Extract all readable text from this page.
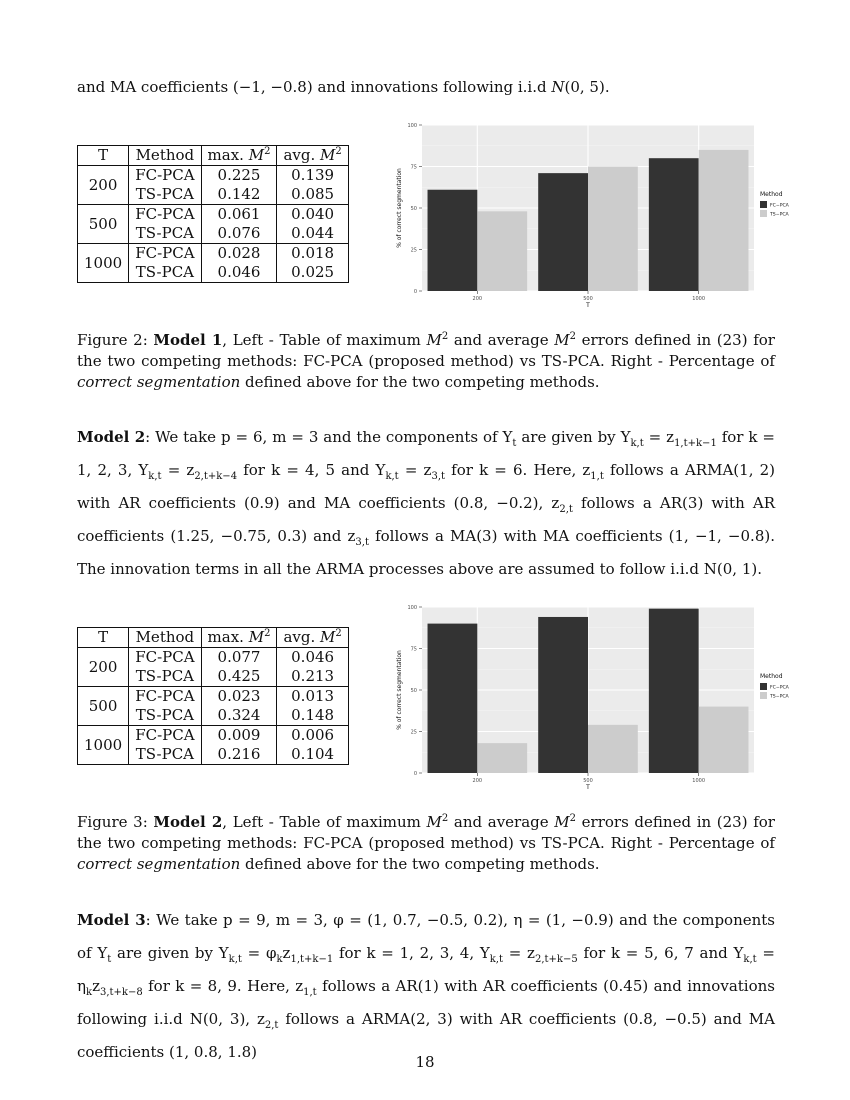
and MA coefficients (−1, −0.8) and innovations following i.i.d N(0, 5).

T	Method	max. $M^2$	avg. $M^2$
200	FC-PCA	0.225	0.139
	TS-PCA	0.142	0.085
500	FC-PCA	0.061	0.040
	TS-PCA	0.076	0.044
1000	FC-PCA	0.028	0.018
	TS-PCA	0.046	0.025
0
25
50
75
100
200	500	1000
T
% of correct segmentation	Method
FC−PCA
TS−PCA

Figure 2: Model 1, Left - Table of maximum $M^2$ and average $M^2$ errors defined in (23) for the two competing methods: FC-PCA (proposed method) vs TS-PCA. Right - Percentage of correct segmentation defined above for the two competing methods.

Model 2: We take p = 6, m = 3 and the components of $Y_t$ are given by $Y_{k,t} = z_{1,t+k-1}$ for k = 1, 2, 3, $Y_{k,t} = z_{2,t+k-4}$ for k = 4, 5 and $Y_{k,t} = z_{3,t}$ for k = 6. Here, $z_{1,t}$ follows a ARMA(1, 2) with AR coefficients (0.9) and MA coefficients (0.8, −0.2), $z_{2,t}$ follows a AR(3) with AR coefficients (1.25, −0.75, 0.3) and $z_{3,t}$ follows a MA(3) with MA coefficients (1, −1, −0.8). The innovation terms in all the ARMA processes above are assumed to follow i.i.d N(0, 1).

T	Method	max. $M^2$	avg. $M^2$
200	FC-PCA	0.077	0.046
	TS-PCA	0.425	0.213
500	FC-PCA	0.023	0.013
	TS-PCA	0.324	0.148
1000	FC-PCA	0.009	0.006
	TS-PCA	0.216	0.104
0
25
50
75
100
200	500	1000
T
% of correct segmentation	Method
FC−PCA
TS−PCA

Figure 3: Model 2, Left - Table of maximum $M^2$ and average $M^2$ errors defined in (23) for the two competing methods: FC-PCA (proposed method) vs TS-PCA. Right - Percentage of correct segmentation defined above for the two competing methods.

Model 3: We take p = 9, m = 3, φ = (1, 0.7, −0.5, 0.2), η = (1, −0.9) and the components of $Y_t$ are given by $Y_{k,t} = \varphi_kz_{1,t+k-1}$ for k = 1, 2, 3, 4, $Y_{k,t} = z_{2,t+k-5}$ for k = 5, 6, 7 and $Y_{k,t} = \eta_kz_{3,t+k-8}$ for k = 8, 9. Here, $z_{1,t}$ follows a AR(1) with AR coefficients (0.45) and innovations following i.i.d N(0, 3), $z_{2,t}$ follows a ARMA(2, 3) with AR coefficients (0.8, −0.5) and MA coefficients (1, 0.8, 1.8)

18
